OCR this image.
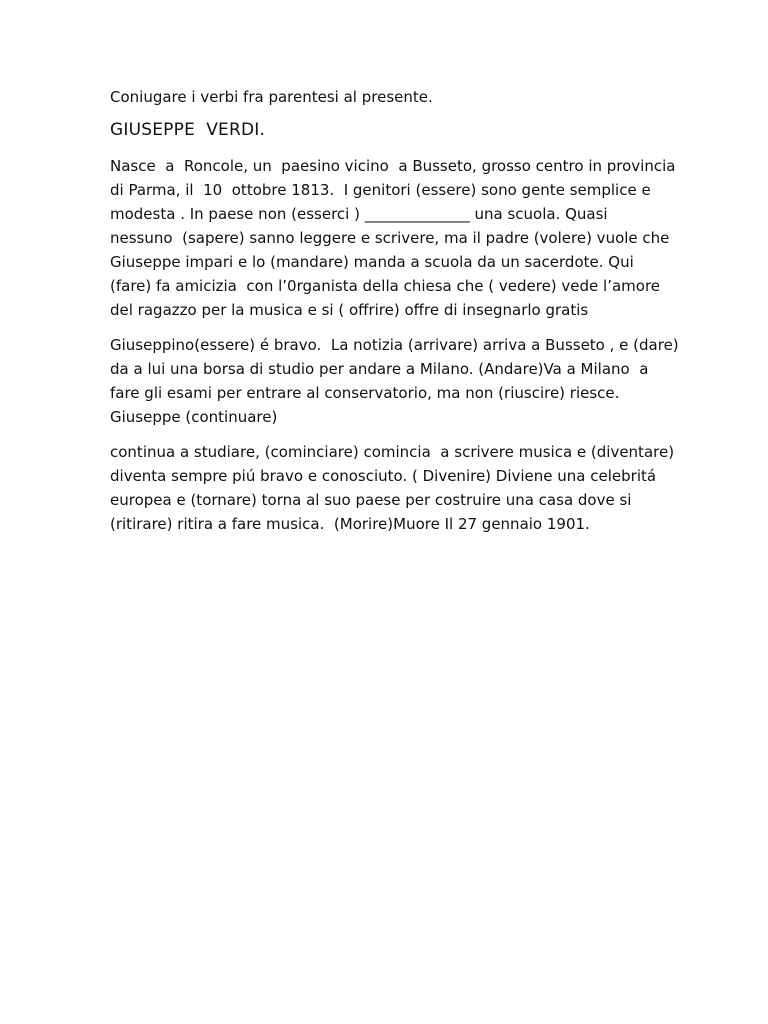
Coniugare i verbi fra parentesi al presente.

GIUSEPPE  VERDI.
Nasce  a  Roncole, un  paesino vicino  a Busseto, grosso centro in provincia
di Parma, il  10  ottobre 1813.  I genitori (essere) sono gente semplice e
modesta . In paese non (esserci ) ______________ una scuola. Quasi
nessuno  (sapere) sanno leggere e scrivere, ma il padre (volere) vuole che
Giuseppe impari e lo (mandare) manda a scuola da un sacerdote. Qui
(fare) fa amicizia  con l’0rganista della chiesa che ( vedere) vede l’amore
del ragazzo per la musica e si ( offrire) offre di insegnarlo gratis
Giuseppino(essere) é bravo.  La notizia (arrivare) arriva a Busseto , e (dare)
da a lui una borsa di studio per andare a Milano. (Andare)Va a Milano  a
fare gli esami per entrare al conservatorio, ma non (riuscire) riesce.
Giuseppe (continuare)
continua a studiare, (cominciare) comincia  a scrivere musica e (diventare)
diventa sempre piú bravo e conosciuto. ( Divenire) Diviene una celebritá
europea e (tornare) torna al suo paese per costruire una casa dove si
(ritirare) ritira a fare musica.  (Morire)Muore Il 27 gennaio 1901.
